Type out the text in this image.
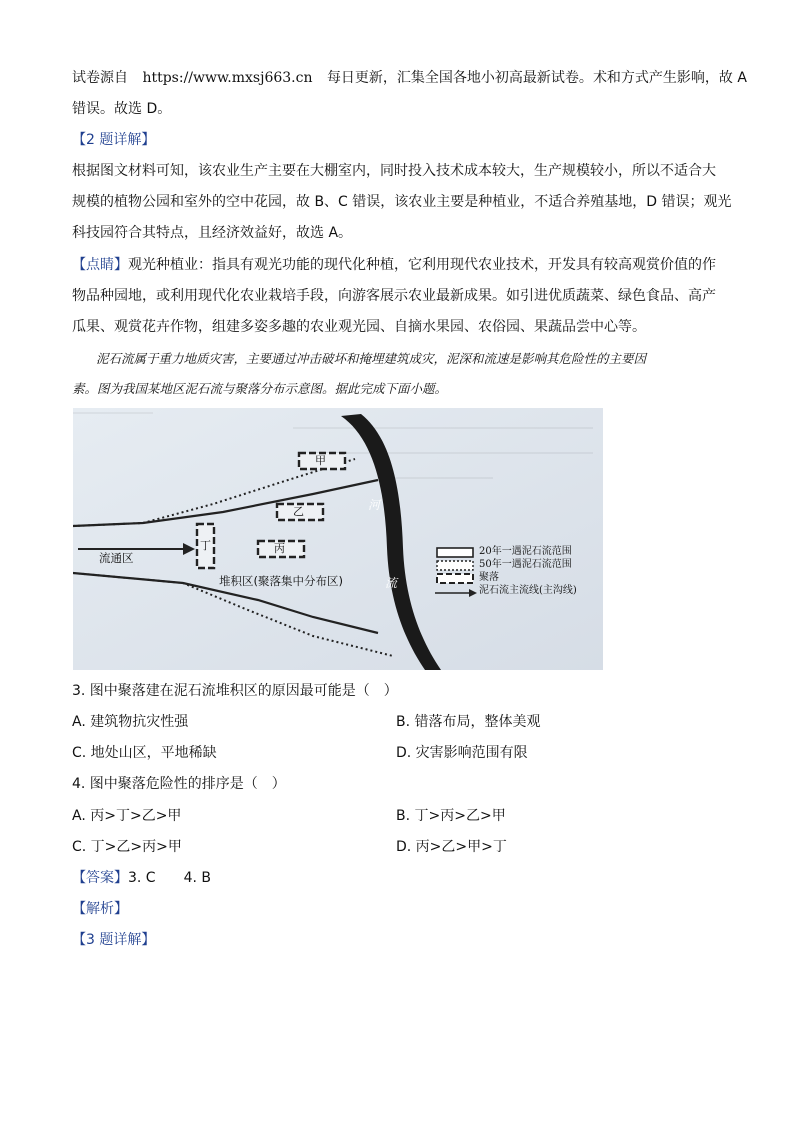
试卷源自 https://www.mxsj663.cn 每日更新，汇集全国各地小初高最新试卷。术和方式产生影响，故 A
错误。故选 D。
【2 题详解】
根据图文材料可知，该农业生产主要在大棚室内，同时投入技术成本较大，生产规模较小，所以不适合大
规模的植物公园和室外的空中花园，故 B、C 错误，该农业主要是种植业，不适合养殖基地，D 错误；观光
科技园符合其特点，且经济效益好，故选 A。
【点睛】观光种植业：指具有观光功能的现代化种植，它利用现代农业技术，开发具有较高观赏价值的作
物品种园地，或利用现代化农业栽培手段，向游客展示农业最新成果。如引进优质蔬菜、绿色食品、高产
瓜果、观赏花卉作物，组建多姿多趣的农业观光园、自摘水果园、农俗园、果蔬品尝中心等。
泥石流属于重力地质灾害，主要通过冲击破坏和掩埋建筑成灾，泥深和流速是影响其危险性的主要因
素。图为我国某地区泥石流与聚落分布示意图。据此完成下面小题。
流通区
堆积区(聚落集中分布区)
河
流
甲
乙
丙
丁	20年一遇泥石流范围
50年一遇泥石流范围
聚落
泥石流主流线(主沟线)
3. 图中聚落建在泥石流堆积区的原因最可能是（　）
A. 建筑物抗灾性强	B. 错落布局，整体美观
C. 地处山区，平地稀缺	D. 灾害影响范围有限
4. 图中聚落危险性的排序是（　）
A. 丙>丁>乙>甲	B. 丁>丙>乙>甲
C. 丁>乙>丙>甲	D. 丙>乙>甲>丁
【答案】3. C　　4. B
【解析】
【3 题详解】
